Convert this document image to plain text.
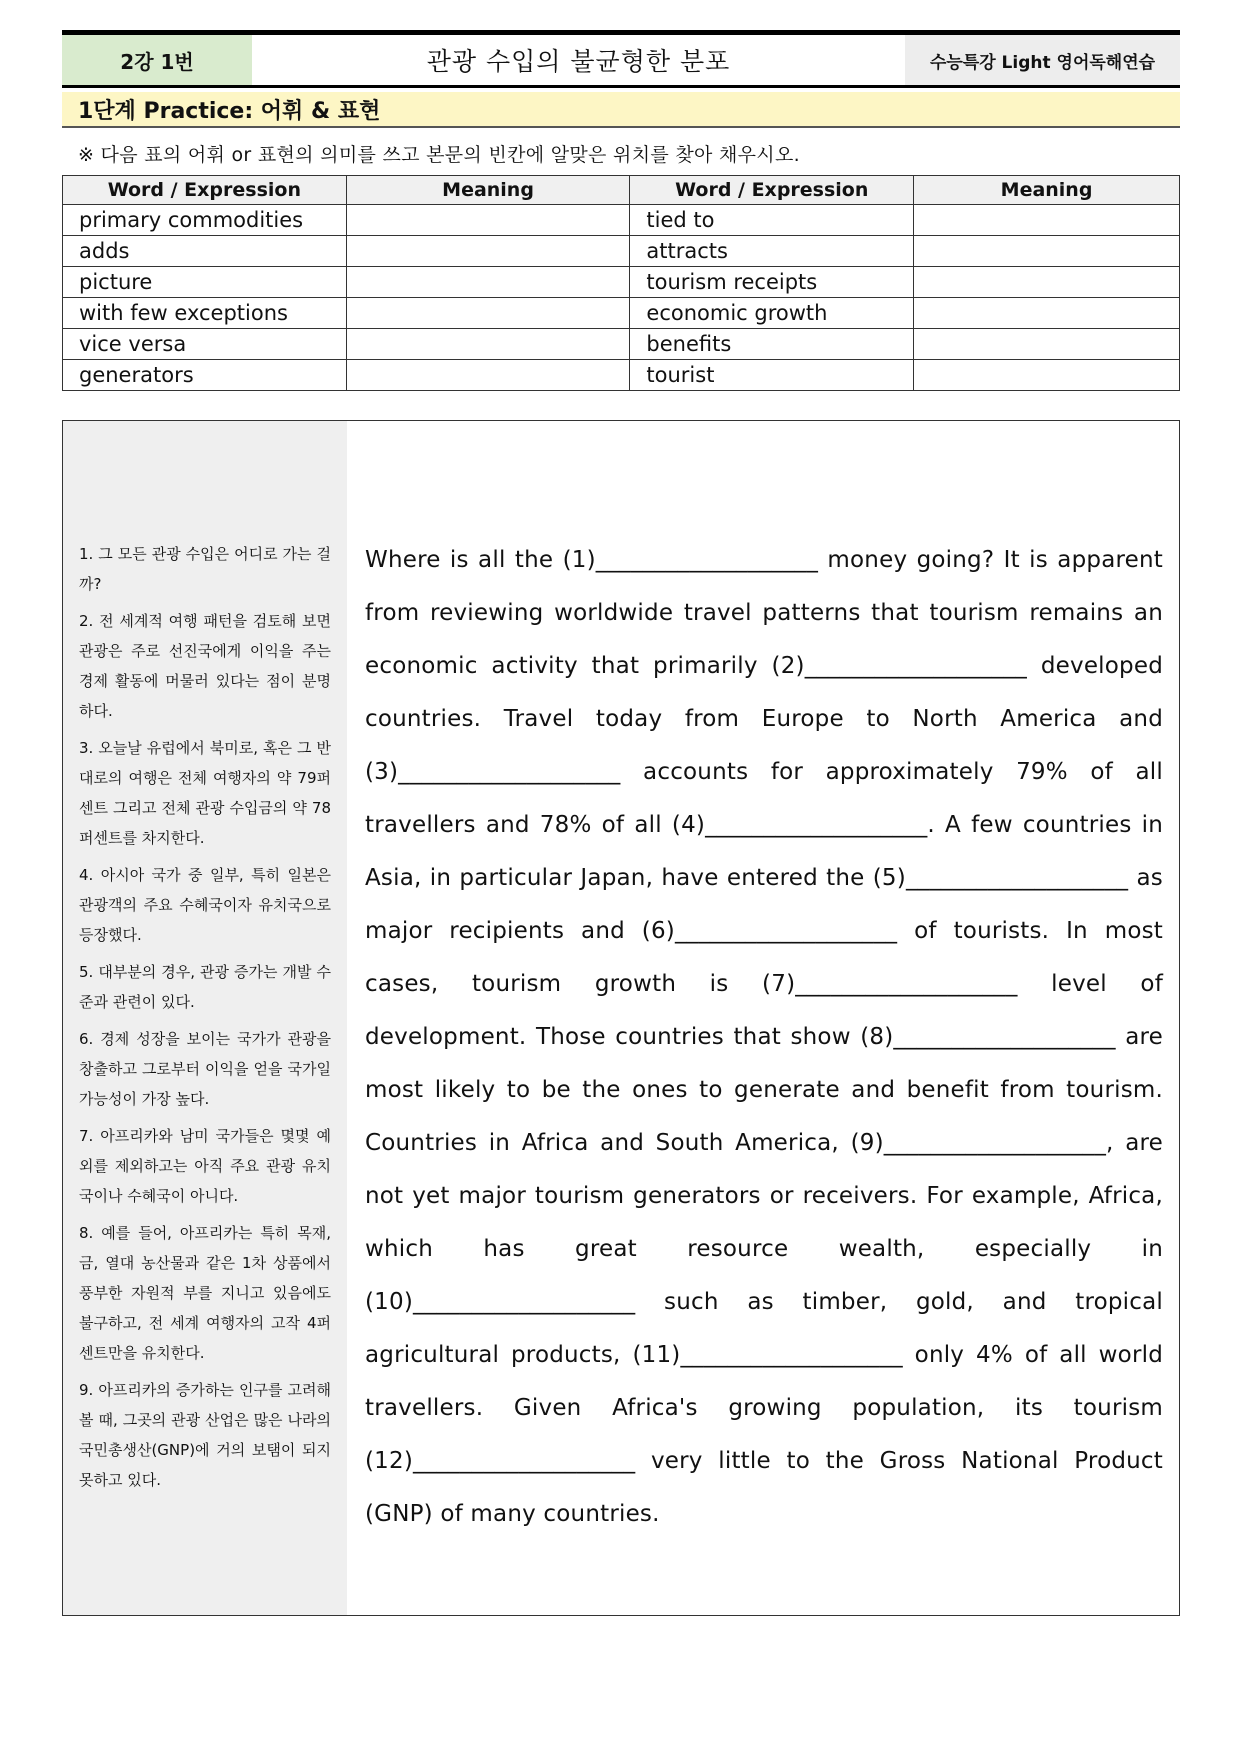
2강 1번	관광 수입의 불균형한 분포	수능특강 Light 영어독해연습
1단계 Practice: 어휘 & 표현
※ 다음 표의 어휘 or 표현의 의미를 쓰고 본문의 빈칸에 알맞은 위치를 찾아 채우시오.
Word / Expression	Meaning	Word / Expression	Meaning
primary commodities		tied to	
adds		attracts	
picture		tourism receipts	
with few exceptions		economic growth	
vice versa		benefits	
generators		tourist	

1. 그 모든 관광 수입은 어디로 가는 걸까?

2. 전 세계적 여행 패턴을 검토해 보면 관광은 주로 선진국에게 이익을 주는 경제 활동에 머물러 있다는 점이 분명하다.

3. 오늘날 유럽에서 북미로, 혹은 그 반대로의 여행은 전체 여행자의 약 79퍼센트 그리고 전체 관광 수입금의 약 78퍼센트를 차지한다.

4. 아시아 국가 중 일부, 특히 일본은 관광객의 주요 수혜국이자 유치국으로 등장했다.

5. 대부분의 경우, 관광 증가는 개발 수준과 관련이 있다.

6. 경제 성장을 보이는 국가가 관광을 창출하고 그로부터 이익을 얻을 국가일 가능성이 가장 높다.

7. 아프리카와 남미 국가들은 몇몇 예외를 제외하고는 아직 주요 관광 유치국이나 수혜국이 아니다.

8. 예를 들어, 아프리카는 특히 목재, 금, 열대 농산물과 같은 1차 상품에서 풍부한 자원적 부를 지니고 있음에도 불구하고, 전 세계 여행자의 고작 4퍼센트만을 유치한다.

9. 아프리카의 증가하는 인구를 고려해 볼 때, 그곳의 관광 산업은 많은 나라의 국민총생산(GNP)에 거의 보탬이 되지 못하고 있다.

Where is all the (1)___________________ money going? It is apparent from reviewing worldwide travel patterns that tourism remains an economic activity that primarily (2)___________________ developed countries. Travel today from Europe to North America and (3)___________________ accounts for approximately 79% of all travellers and 78% of all (4)___________________. A few countries in Asia, in particular Japan, have entered the (5)___________________ as major recipients and (6)___________________ of tourists. In most cases, tourism growth is (7)___________________ level of development. Those countries that show (8)___________________ are most likely to be the ones to generate and benefit from tourism. Countries in Africa and South America, (9)___________________, are not yet major tourism generators or receivers. For example, Africa, which has great resource wealth, especially in (10)___________________ such as timber, gold, and tropical agricultural products, (11)___________________ only 4% of all world travellers. Given Africa's growing population, its tourism (12)___________________ very little to the Gross National Product (GNP) of many countries.
